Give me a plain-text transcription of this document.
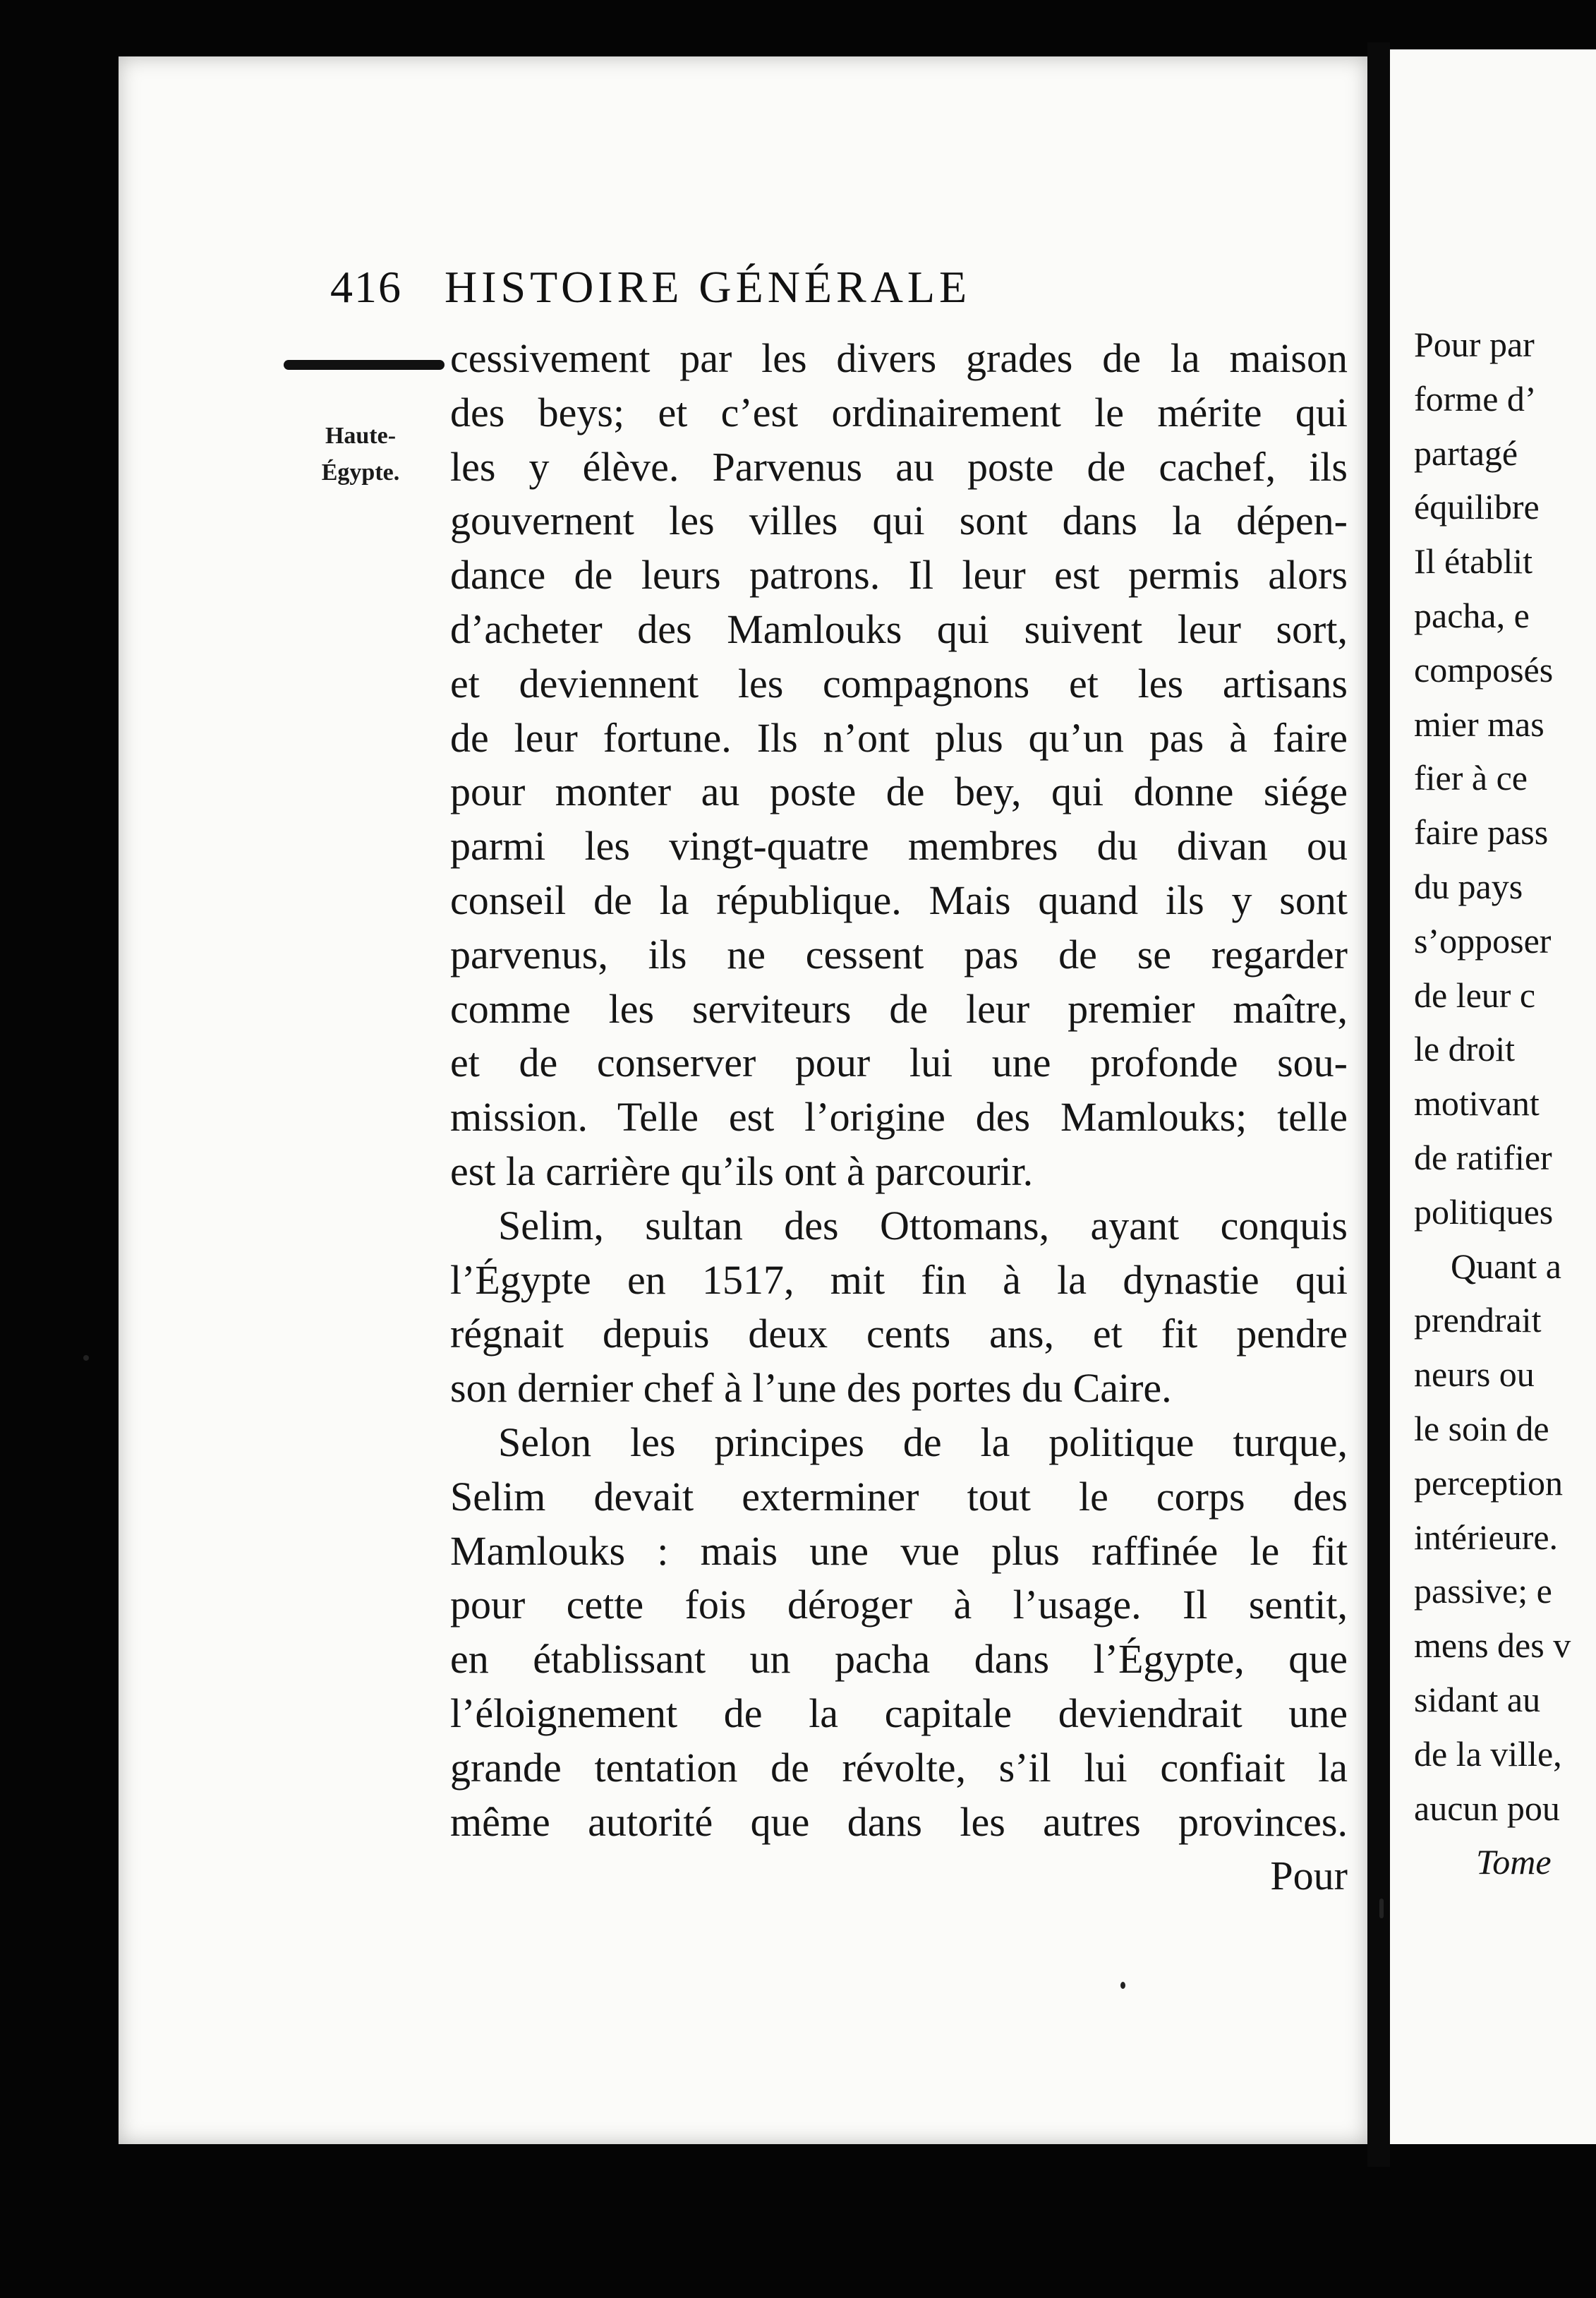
416 HISTOIRE GÉNÉRALE
Haute-
Égypte.
cessivement par les divers grades de la maison
des beys; et c’est ordinairement le mérite qui
les y élève. Parvenus au poste de cachef, ils
gouvernent les villes qui sont dans la dépen-
dance de leurs patrons. Il leur est permis alors
d’acheter des Mamlouks qui suivent leur sort,
et deviennent les compagnons et les artisans
de leur fortune. Ils n’ont plus qu’un pas à faire
pour monter au poste de bey, qui donne siége
parmi les vingt-quatre membres du divan ou
conseil de la république. Mais quand ils y sont
parvenus, ils ne cessent pas de se regarder
comme les serviteurs de leur premier maître,
et de conserver pour lui une profonde sou-
mission. Telle est l’origine des Mamlouks; telle
est la carrière qu’ils ont à parcourir.
Selim, sultan des Ottomans, ayant conquis
l’Égypte en 1517, mit fin à la dynastie qui
régnait depuis deux cents ans, et fit pendre
son dernier chef à l’une des portes du Caire.
Selon les principes de la politique turque,
Selim devait exterminer tout le corps des
Mamlouks : mais une vue plus raffinée le fit
pour cette fois déroger à l’usage. Il sentit,
en établissant un pacha dans l’Égypte, que
l’éloignement de la capitale deviendrait une
grande tentation de révolte, s’il lui confiait la
même autorité que dans les autres provinces.
Pour
Pour par
forme d’
partagé
équilibre
Il établit
pacha, e
composés
mier mas
fier à ce
faire pass
du pays
s’opposer
de leur c
le droit
motivant
de ratifier
politiques
Quant a
prendrait
neurs ou
le soin de
perception
intérieure.
passive; e
mens des v
sidant au
de la ville,
aucun pou
Tome
